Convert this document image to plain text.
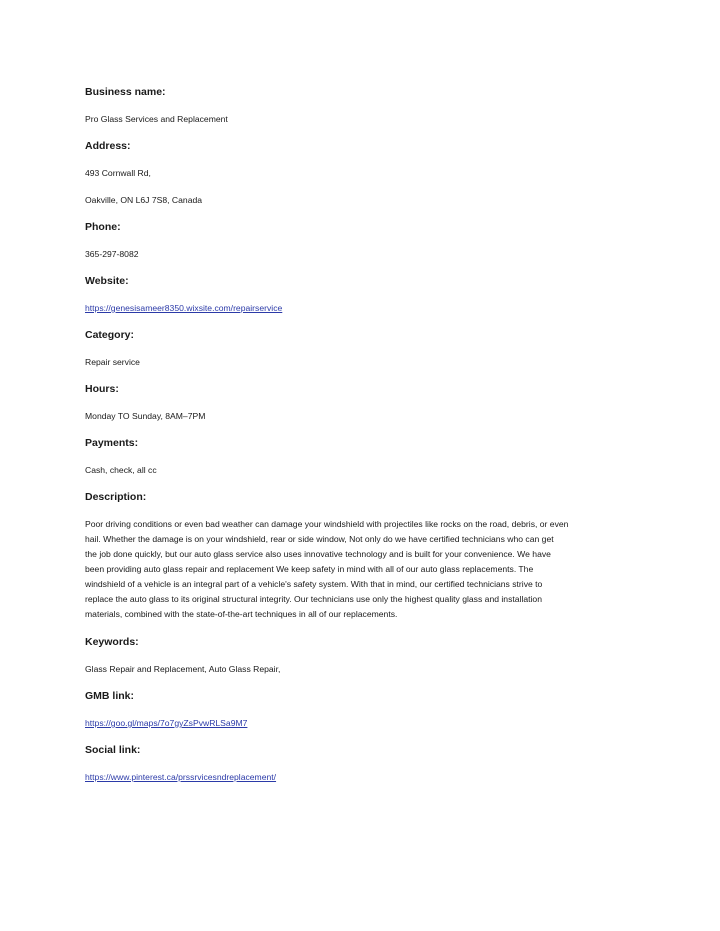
Business name:

Pro Glass Services and Replacement

Address:

493 Cornwall Rd,

Oakville, ON L6J 7S8, Canada

Phone:

365-297-8082

Website:

https://genesisameer8350.wixsite.com/repairservice

Category:

Repair service

Hours:

Monday TO Sunday, 8AM–7PM

Payments:

Cash, check, all cc

Description:

Poor driving conditions or even bad weather can damage your windshield with projectiles like rocks on the road, debris, or even
hail. Whether the damage is on your windshield, rear or side window, Not only do we have certified technicians who can get
the job done quickly, but our auto glass service also uses innovative technology and is built for your convenience. We have
been providing auto glass repair and replacement We keep safety in mind with all of our auto glass replacements. The
windshield of a vehicle is an integral part of a vehicle's safety system. With that in mind, our certified technicians strive to
replace the auto glass to its original structural integrity. Our technicians use only the highest quality glass and installation
materials, combined with the state-of-the-art techniques in all of our replacements.

Keywords:

Glass Repair and Replacement, Auto Glass Repair,

GMB link:

https://goo.gl/maps/7o7gyZsPvwRLSa9M7

Social link:

https://www.pinterest.ca/prssrvicesndreplacement/
